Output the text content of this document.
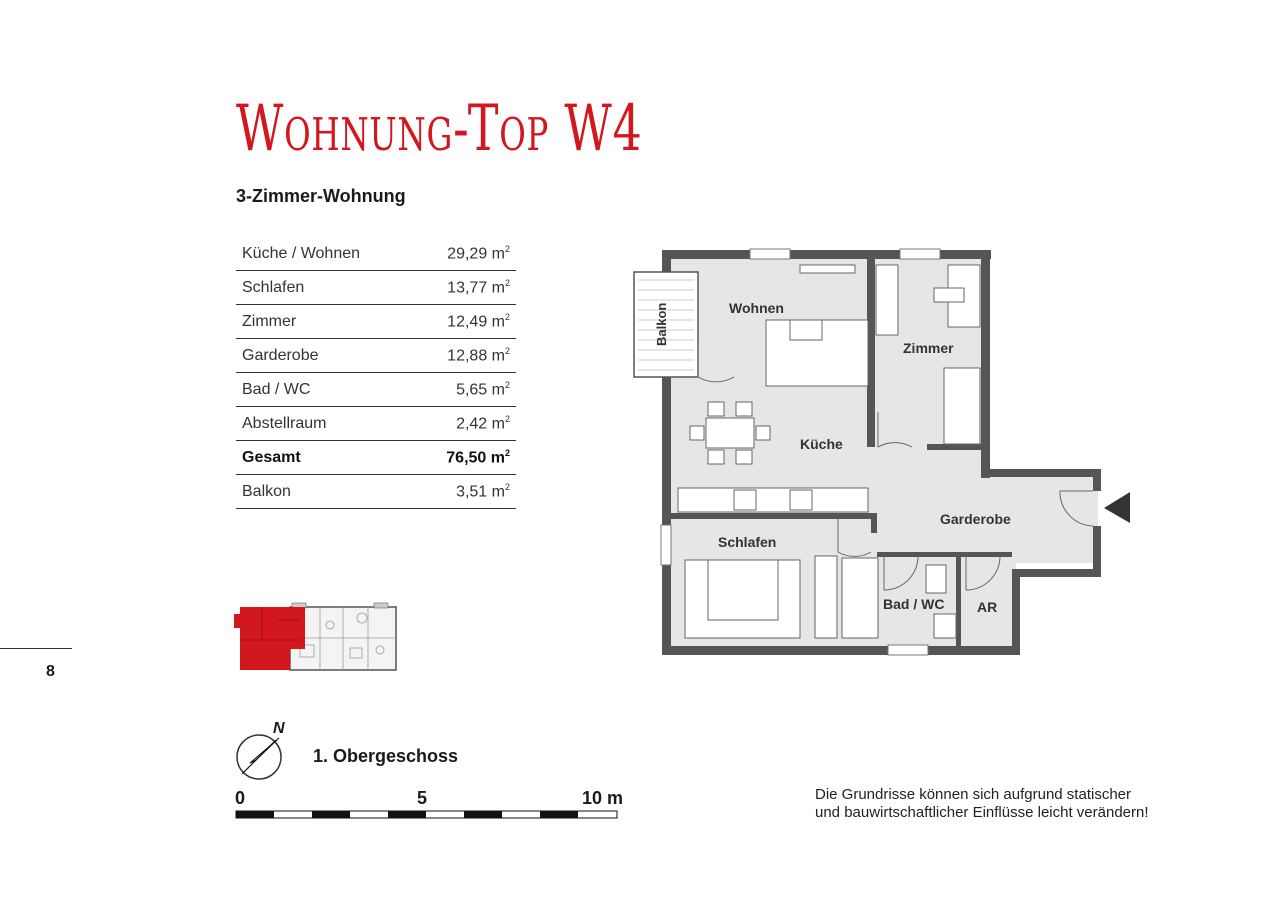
Wohnung-Top W4
3-Zimmer-Wohnung
Küche / Wohnen	29,29 $m^2$
Schlafen	13,77 $m^2$
Zimmer	12,49 $m^2$
Garderobe	12,88 $m^2$
Bad / WC	5,65 $m^2$
Abstellraum	2,42 $m^2$
Gesamt	76,50 $m^2$
Balkon	3,51 $m^2$
8
Wohnen
Balkon
Zimmer
Küche
Garderobe
Schlafen
Bad / WC AR
N
1. Obergeschoss
0	5	10 m	Die Grundrisse können sich aufgrund statischer
und bauwirtschaftlicher Einflüsse leicht verändern!
